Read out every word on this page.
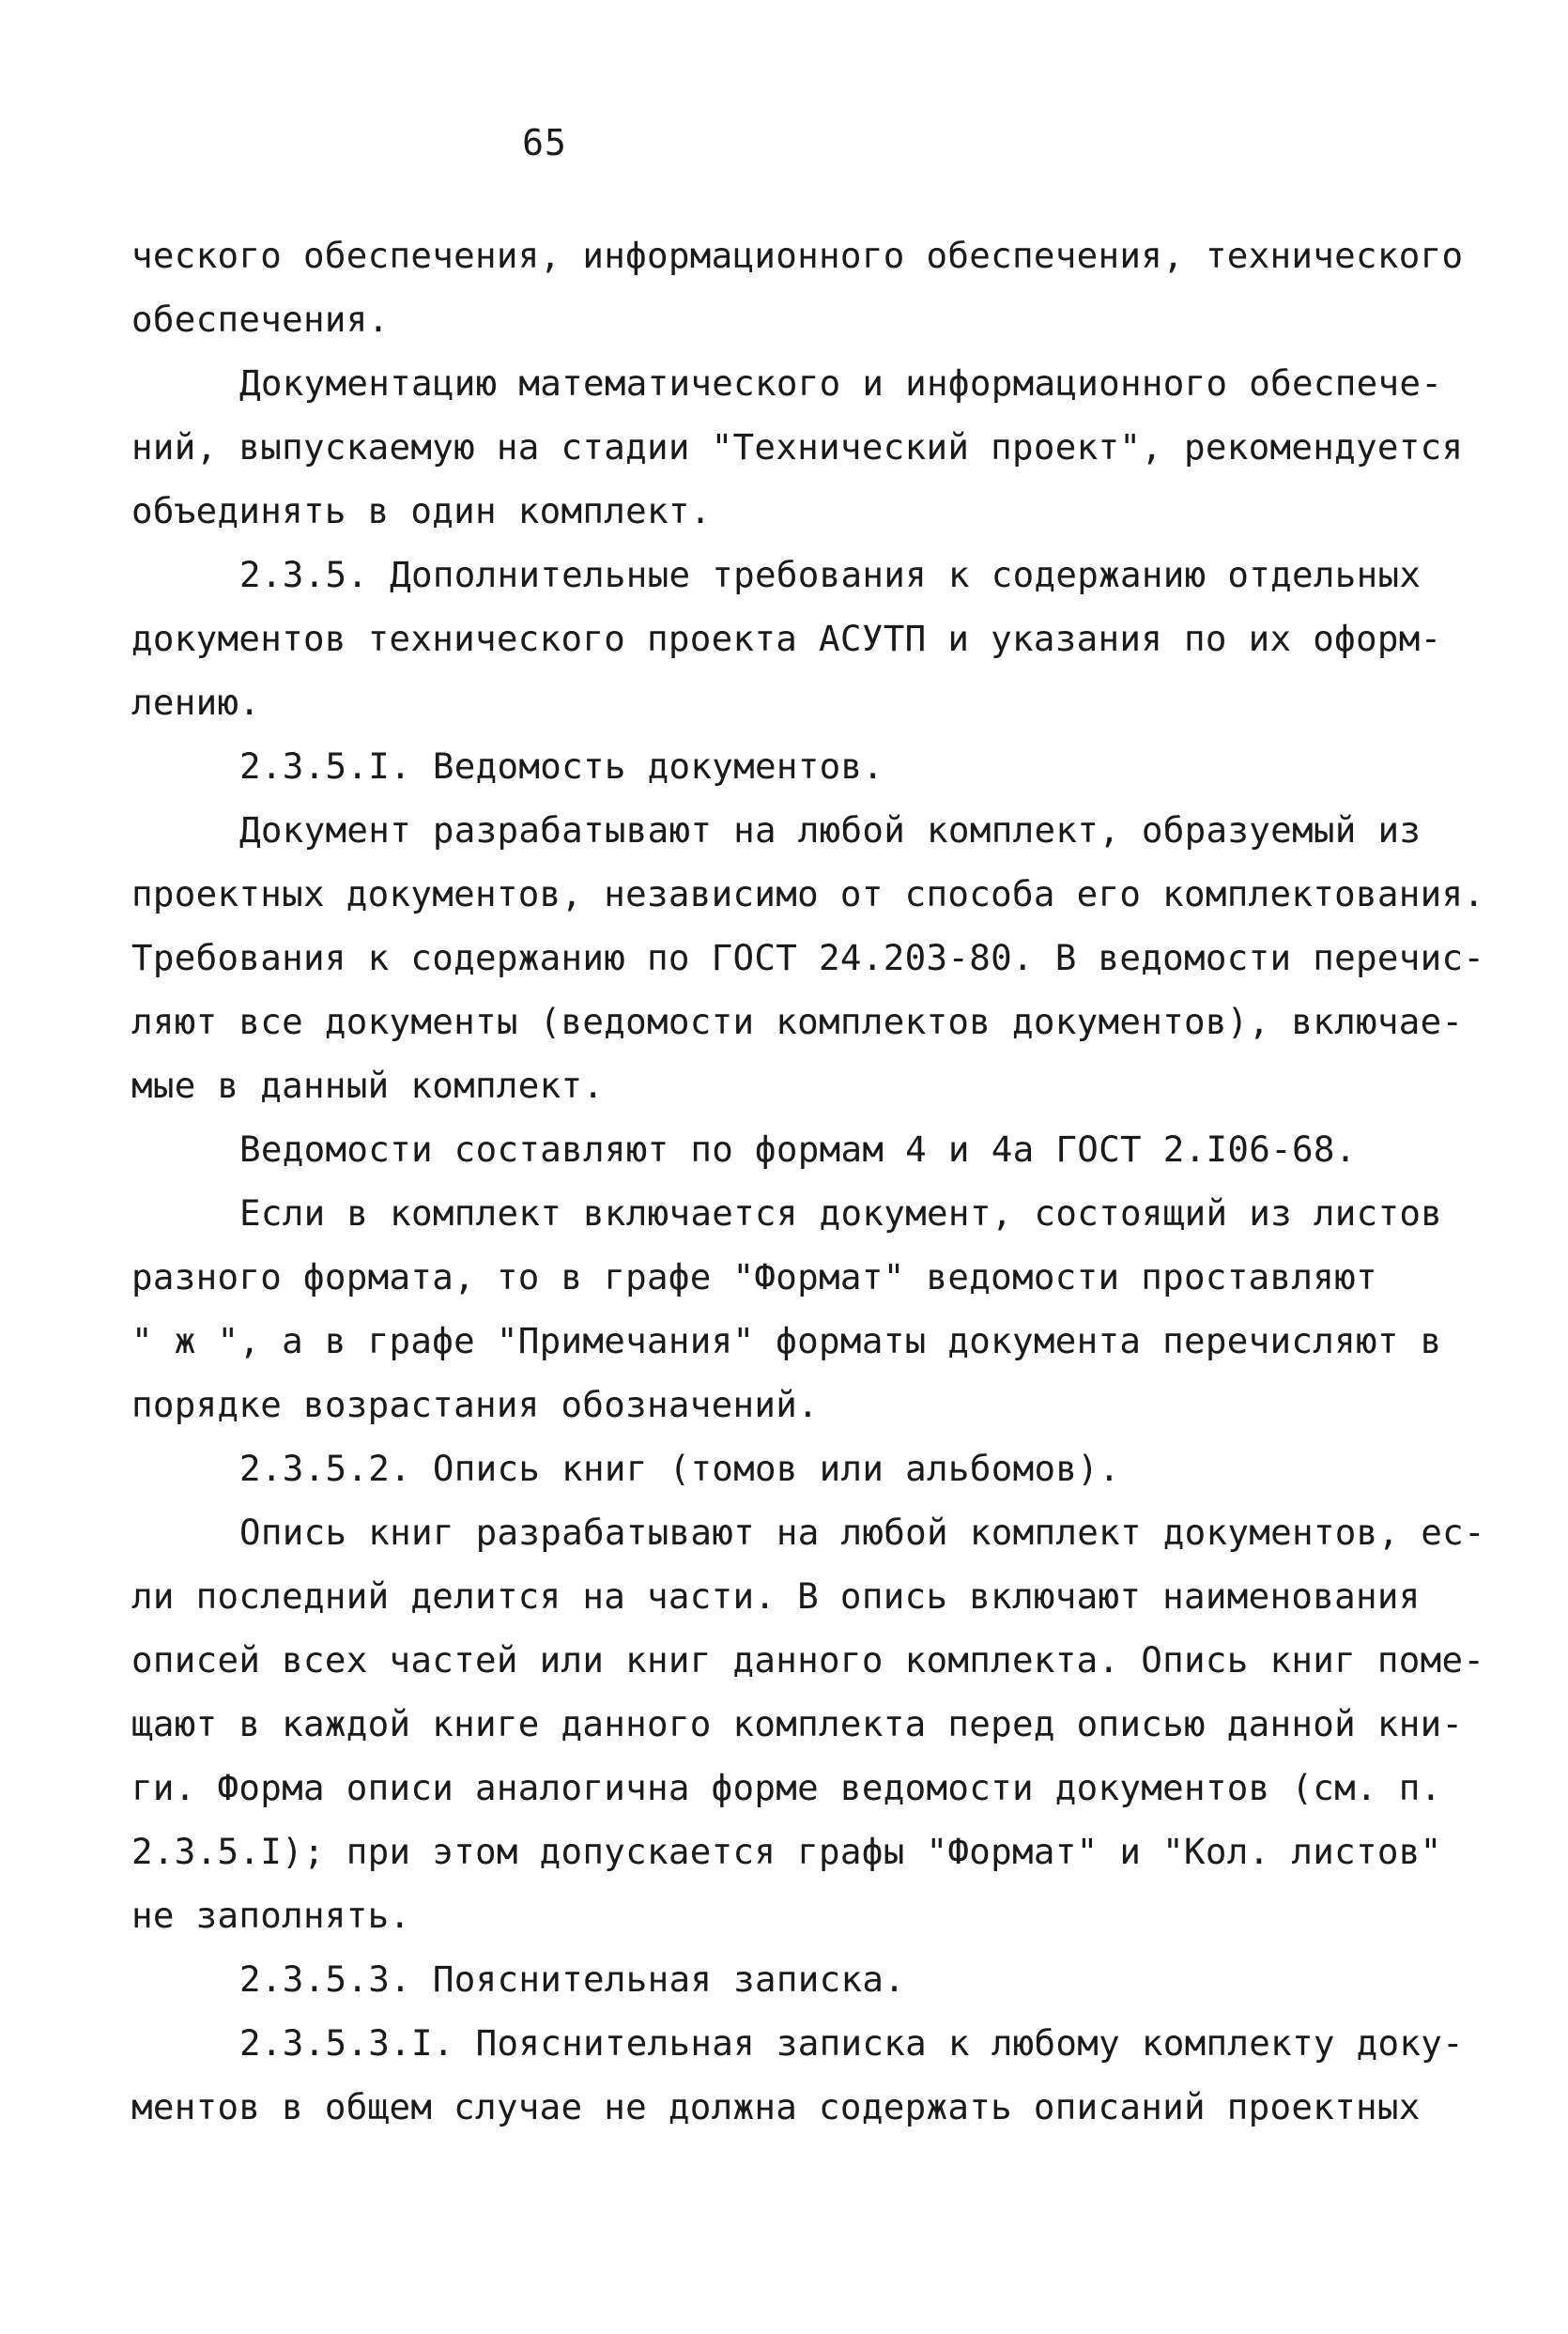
65
ческого обеспечения, информационного обеспечения, технического
обеспечения.
Документацию математического и информационного обеспече-
ний, выпускаемую на стадии "Технический проект", рекомендуется
объединять в один комплект.
2.3.5. Дополнительные требования к содержанию отдельных
документов технического проекта АСУТП и указания по их оформ-
лению.
2.3.5.I. Ведомость документов.
Документ разрабатывают на любой комплект, образуемый из
проектных документов, независимо от способа его комплектования.
Требования к содержанию по ГОСТ 24.203-80. В ведомости перечис-
ляют все документы (ведомости комплектов документов), включае-
мые в данный комплект.
Ведомости составляют по формам 4 и 4а ГОСТ 2.I06-68.
Если в комплект включается документ, состоящий из листов
разного формата, то в графе "Формат" ведомости проставляют
" ж ", а в графе "Примечания" форматы документа перечисляют в
порядке возрастания обозначений.
2.3.5.2. Опись книг (томов или альбомов).
Опись книг разрабатывают на любой комплект документов, ес-
ли последний делится на части. В опись включают наименования
описей всех частей или книг данного комплекта. Опись книг поме-
щают в каждой книге данного комплекта перед описью данной кни-
ги. Форма описи аналогична форме ведомости документов (см. п.
2.3.5.I); при этом допускается графы "Формат" и "Кол. листов"
не заполнять.
2.3.5.3. Пояснительная записка.
2.3.5.3.I. Пояснительная записка к любому комплекту доку-
ментов в общем случае не должна содержать описаний проектных
